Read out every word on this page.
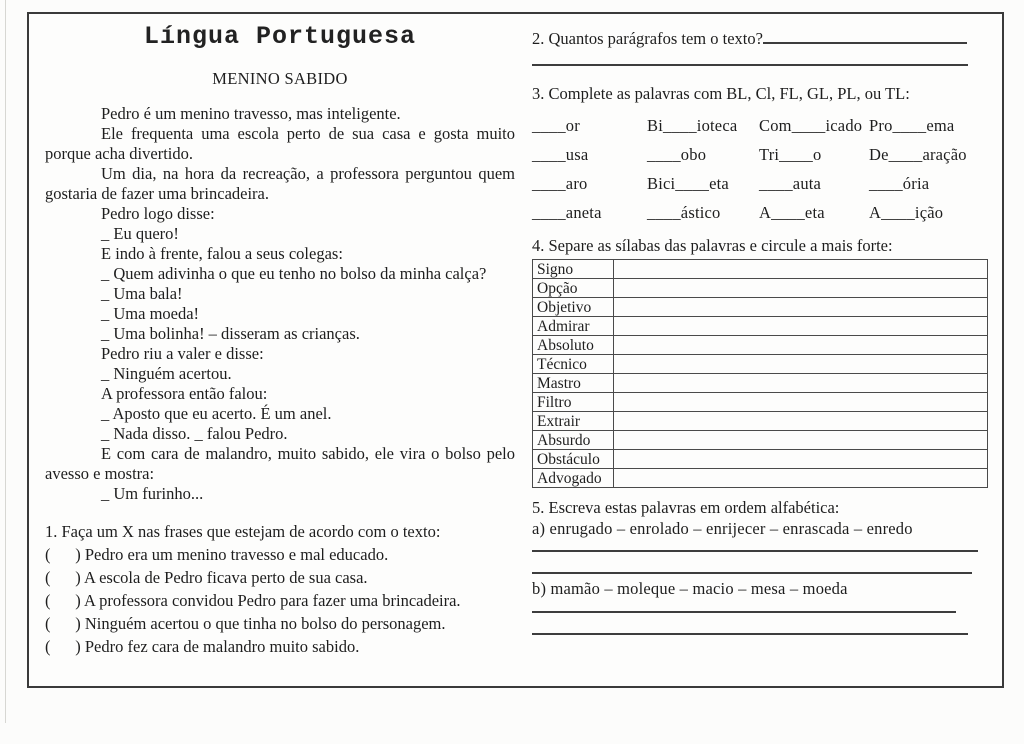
Língua Portuguesa
MENINO SABIDO

Pedro é um menino travesso, mas inteligente.

Ele frequenta uma escola perto de sua casa e gosta muito porque acha divertido.

Um dia, na hora da recreação, a professora perguntou quem gostaria de fazer uma brincadeira.

Pedro logo disse:

_ Eu quero!

E indo à frente, falou a seus colegas:

_ Quem adivinha o que eu tenho no bolso da minha calça?

_ Uma bala!

_ Uma moeda!

_ Uma bolinha! – disseram as crianças.

Pedro riu a valer e disse:

_ Ninguém acertou.

A professora então falou:

_ Aposto que eu acerto. É um anel.

_ Nada disso. _ falou Pedro.

E com cara de malandro, muito sabido, ele vira o bolso pelo avesso e mostra:

_ Um furinho...

1. Faça um X nas frases que estejam de acordo com o texto:
(      ) Pedro era um menino travesso e mal educado.
(      ) A escola de Pedro ficava perto de sua casa.
(      ) A professora convidou Pedro para fazer uma brincadeira.
(      ) Ninguém acertou o que tinha no bolso do personagem.
(      ) Pedro fez cara de malandro muito sabido.
2. Quantos parágrafos tem o texto?
3. Complete as palavras com BL, Cl, FL, GL, PL, ou TL:
____or	Bi____ioteca	Com____icado Pro____ema
____usa	____obo	Tri____o	De____aração
____aro	Bici____eta	____auta	____ória
____aneta	____ástico	A____eta	A____ição
4. Separe as sílabas das palavras e circule a mais forte:
Signo	
Opção	
Objetivo	
Admirar	
Absoluto	
Técnico	
Mastro	
Filtro	
Extrair	
Absurdo	
Obstáculo	
Advogado	
5. Escreva estas palavras em ordem alfabética:
a) enrugado – enrolado – enrijecer – enrascada – enredo
b) mamão – moleque – macio – mesa – moeda
